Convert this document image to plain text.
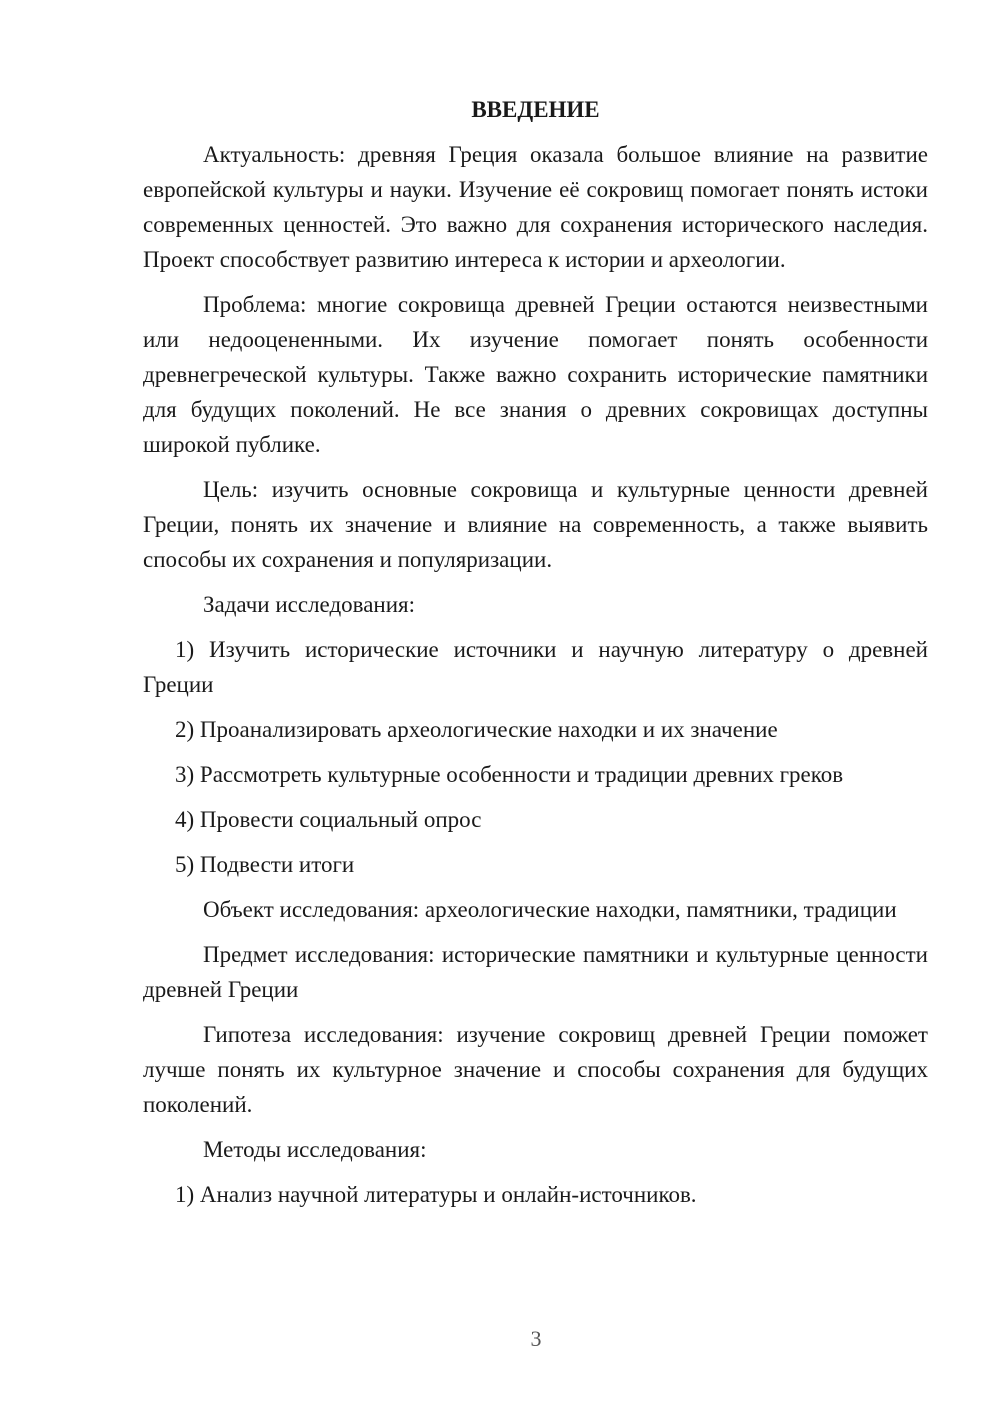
ВВЕДЕНИЕ

Актуальность: древняя Греция оказала большое влияние на развитие европейской культуры и науки. Изучение её сокровищ помогает понять истоки современных ценностей. Это важно для сохранения исторического наследия. Проект способствует развитию интереса к истории и археологии.

Проблема: многие сокровища древней Греции остаются неизвестными или недооцененными. Их изучение помогает понять особенности древнегреческой культуры. Также важно сохранить исторические памятники для будущих поколений. Не все знания о древних сокровищах доступны широкой публике.

Цель: изучить основные сокровища и культурные ценности древней Греции, понять их значение и влияние на современность, а также выявить способы их сохранения и популяризации.

Задачи исследования:

1) Изучить исторические источники и научную литературу о древней Греции

2) Проанализировать археологические находки и их значение

3) Рассмотреть культурные особенности и традиции древних греков

4) Провести социальный опрос

5) Подвести итоги

Объект исследования: археологические находки, памятники, традиции

Предмет исследования: исторические памятники и культурные ценности древней Греции

Гипотеза исследования: изучение сокровищ древней Греции поможет лучше понять их культурное значение и способы сохранения для будущих поколений.

Методы исследования:

1) Анализ научной литературы и онлайн-источников.

3
